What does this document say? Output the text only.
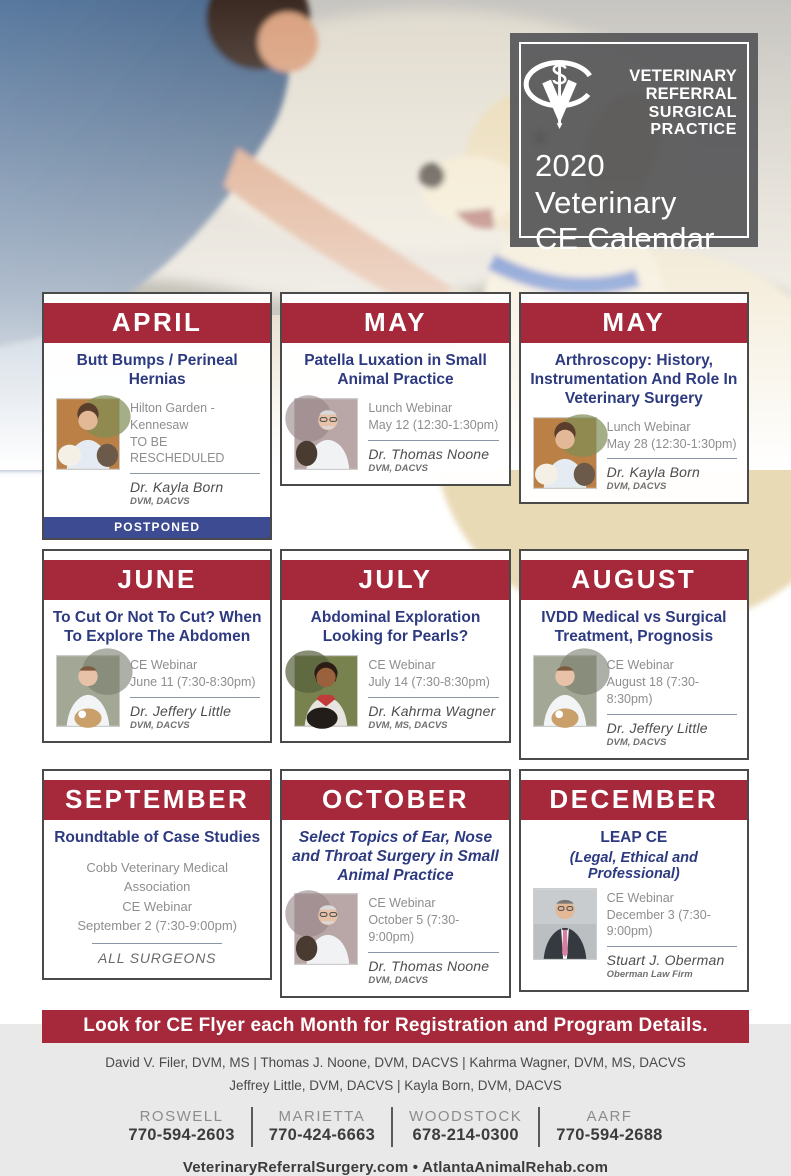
VETERINARY REFERRAL
SURGICAL PRACTICE
2020 Veterinary
CE Calendar
APRIL
Butt Bumps / Perineal Hernias
Hilton Garden - Kennesaw
TO BE RESCHEDULED
Dr. Kayla Born
DVM, DACVS
POSTPONED
MAY
Patella Luxation in Small Animal Practice
Lunch Webinar
May 12 (12:30-1:30pm)
Dr. Thomas Noone
DVM, DACVS
MAY
Arthroscopy: History, Instrumentation And Role In Veterinary Surgery
Lunch Webinar
May 28 (12:30-1:30pm)
Dr. Kayla Born
DVM, DACVS
JUNE
To Cut Or Not To Cut? When To Explore The Abdomen
CE Webinar
June 11 (7:30-8:30pm)
Dr. Jeffery Little
DVM, DACVS
JULY
Abdominal Exploration Looking for Pearls?
CE Webinar
July 14 (7:30-8:30pm)
Dr. Kahrma Wagner
DVM, MS, DACVS
AUGUST
IVDD Medical vs Surgical Treatment, Prognosis
CE Webinar
August 18 (7:30-8:30pm)
Dr. Jeffery Little
DVM, DACVS
SEPTEMBER
Roundtable of Case Studies
Cobb Veterinary Medical Association
CE Webinar
September 2 (7:30-9:00pm)
ALL SURGEONS
OCTOBER
Select Topics of Ear, Nose and Throat Surgery in Small Animal Practice
CE Webinar
October 5 (7:30-9:00pm)
Dr. Thomas Noone
DVM, DACVS
DECEMBER
LEAP CE
(Legal, Ethical and Professional)
CE Webinar
December 3 (7:30-9:00pm)
Stuart J. Oberman
Oberman Law Firm
Look for CE Flyer each Month for Registration and Program Details.
David V. Filer, DVM, MS | Thomas J. Noone, DVM, DACVS | Kahrma Wagner, DVM, MS, DACVS
Jeffrey Little, DVM, DACVS | Kayla Born, DVM, DACVS
ROSWELL
770-594-2603
MARIETTA
770-424-6663
WOODSTOCK
678-214-0300
AARF
770-594-2688
VeterinaryReferralSurgery.com • AtlantaAnimalRehab.com
